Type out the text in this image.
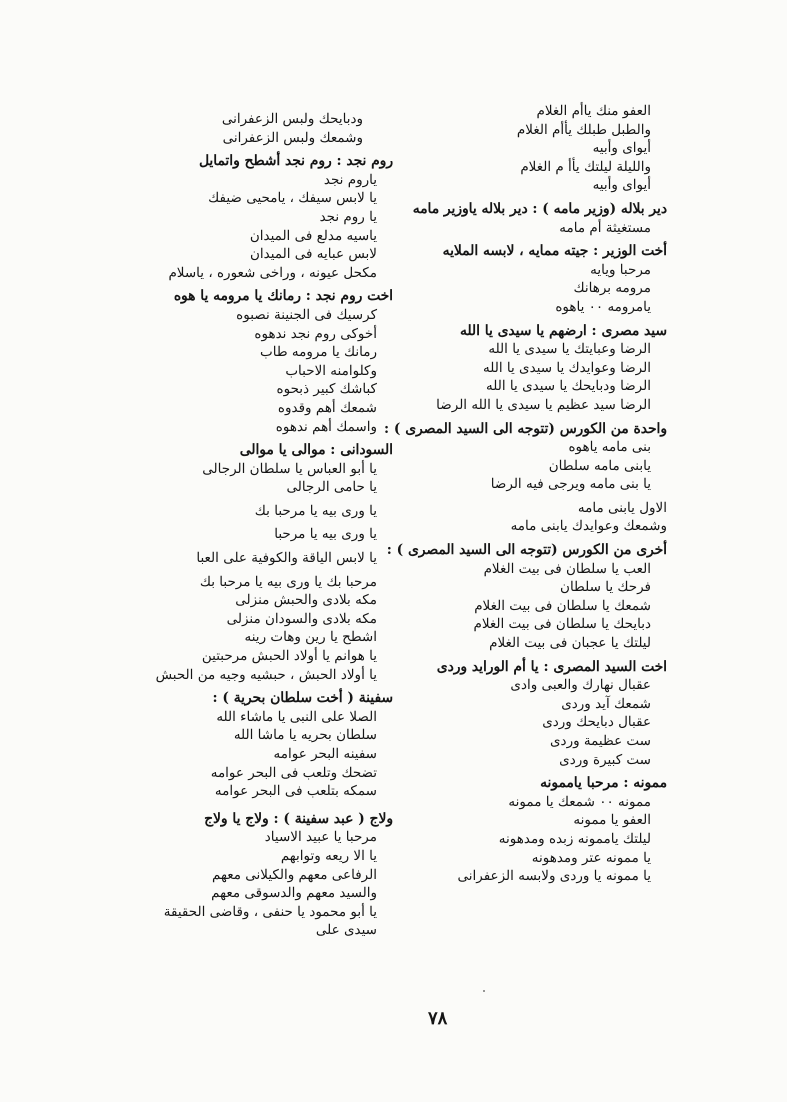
العفو منك ياأم الغلام
والطبل طبلك يأأم الغلام
أيواى وأبيه
والليلة ليلتك يأأ م الغلام
أيواى وأبيه
دير بلاله (وزير مامه ) : دير بلاله ياوزير مامه
مستغيثة أم مامه
أخت الوزير : جيته ممايه ، لابسه الملايه
مرحبا ويايه
مرومه برهانك
يامرومه ٠٠ ياهوه
سيد مصرى : ارضهم يا سيدى يا الله
الرضا وعبايتك يا سيدى يا الله
الرضا وعوايدك يا سيدى يا الله
الرضا ودبايحك يا سيدى يا الله
الرضا سيد عظيم يا سيدى يا الله الرضا
واحدة من الكورس (تتوجه الى السيد المصرى ) :
بنى مامه ياهوه
يابنى مامه سلطان
يا بنى مامه ويرجى فيه الرضا
الاول يابنى مامه
وشمعك وعوايدك يابنى مامه
أخرى من الكورس (تتوجه الى السيد المصرى ) :
العب يا سلطان فى بيت الغلام
فرحك يا سلطان
شمعك يا سلطان فى بيت الغلام
دبايحك يا سلطان فى بيت الغلام
ليلتك يا عجبان فى بيت الغلام
اخت السيد المصرى : يا أم الورايد وردى
عقبال نهارك والعبى وادى
شمعك آيد وردى
عقبال دبايحك وردى
ست عظيمة وردى
ست كبيرة وردى
ممونه : مرحبا ياممونه
ممونه ٠٠ شمعك يا ممونه
العفو يا ممونه
ليلتك ياممونه زبده ومدهونه
يا ممونه عتر ومدهونه
يا ممونه يا وردى ولابسه الزعفرانى
ودبايحك ولبس الزعفرانى
وشمعك ولبس الزعفرانى
روم نجد : روم نجد أشطح واتمايل
ياروم نجد
يا لابس سيفك ، يامحيى ضيفك
يا روم نجد
ياسيه مدلع فى الميدان
لابس عبايه فى الميدان
مكحل عيونه ، وراخى شعوره ، ياسلام
اخت روم نجد : رمانك يا مرومه يا هوه
كرسيك فى الجنينة نصبوه
أخوكى روم نجد ندهوه
رمانك يا مرومه طاب
وكلوامنه الاحباب
كباشك كبير ذبحوه
شمعك أهم وقدوه
واسمك أهم ندهوه
السودانى : موالى يا موالى
يا أبو العباس يا سلطان الرجالى
يا حامى الرجالى
يا ورى بيه يا مرحبا بك
يا ورى بيه يا مرحبا
يا لابس الياقة والكوفية على العبا
مرحبا بك يا ورى بيه يا مرحبا بك
مكه بلادى والحبش منزلى
مكه بلادى والسودان منزلى
اشطح يا رين وهات رينه
يا هوانم يا أولاد الحبش مرحبتين
يا أولاد الحبش ، حبشيه وجيه من الحبش
سفينة ( أخت سلطان بحرية ) :
الصلا على النبى يا ماشاء الله
سلطان بحريه يا ماشا الله
سفينه البحر عوامه
تضحك وتلعب فى البحر عوامه
سمكه بتلعب فى البحر عوامه
ولاج ( عبد سفينة ) : ولاج يا ولاج
مرحبا يا عبيد الاسياد
يا الا ريعه وتوابهم
الرفاعى معهم والكيلانى معهم
والسيد معهم والدسوقى معهم
يا أبو محمود يا حنفى ، وقاضى الحقيقة
سيدى على
٧٨
